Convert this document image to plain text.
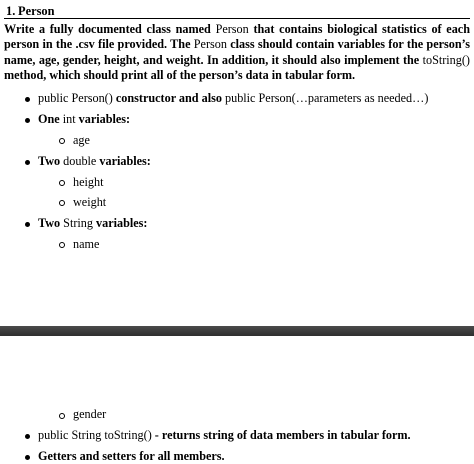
1. Person
Write a fully documented class named Person that contains biological statistics of each person in the .csv file provided. The Person class should contain variables for the person’s name, age, gender, height, and weight. In addition, it should also implement the toString() method, which should print all of the person’s data in tabular form.
public Person() constructor and also public Person(…parameters as needed…)
One int variables:
age
Two double variables:
height
weight
Two String variables:
name
gender
public String toString() - returns string of data members in tabular form.
Getters and setters for all members.
